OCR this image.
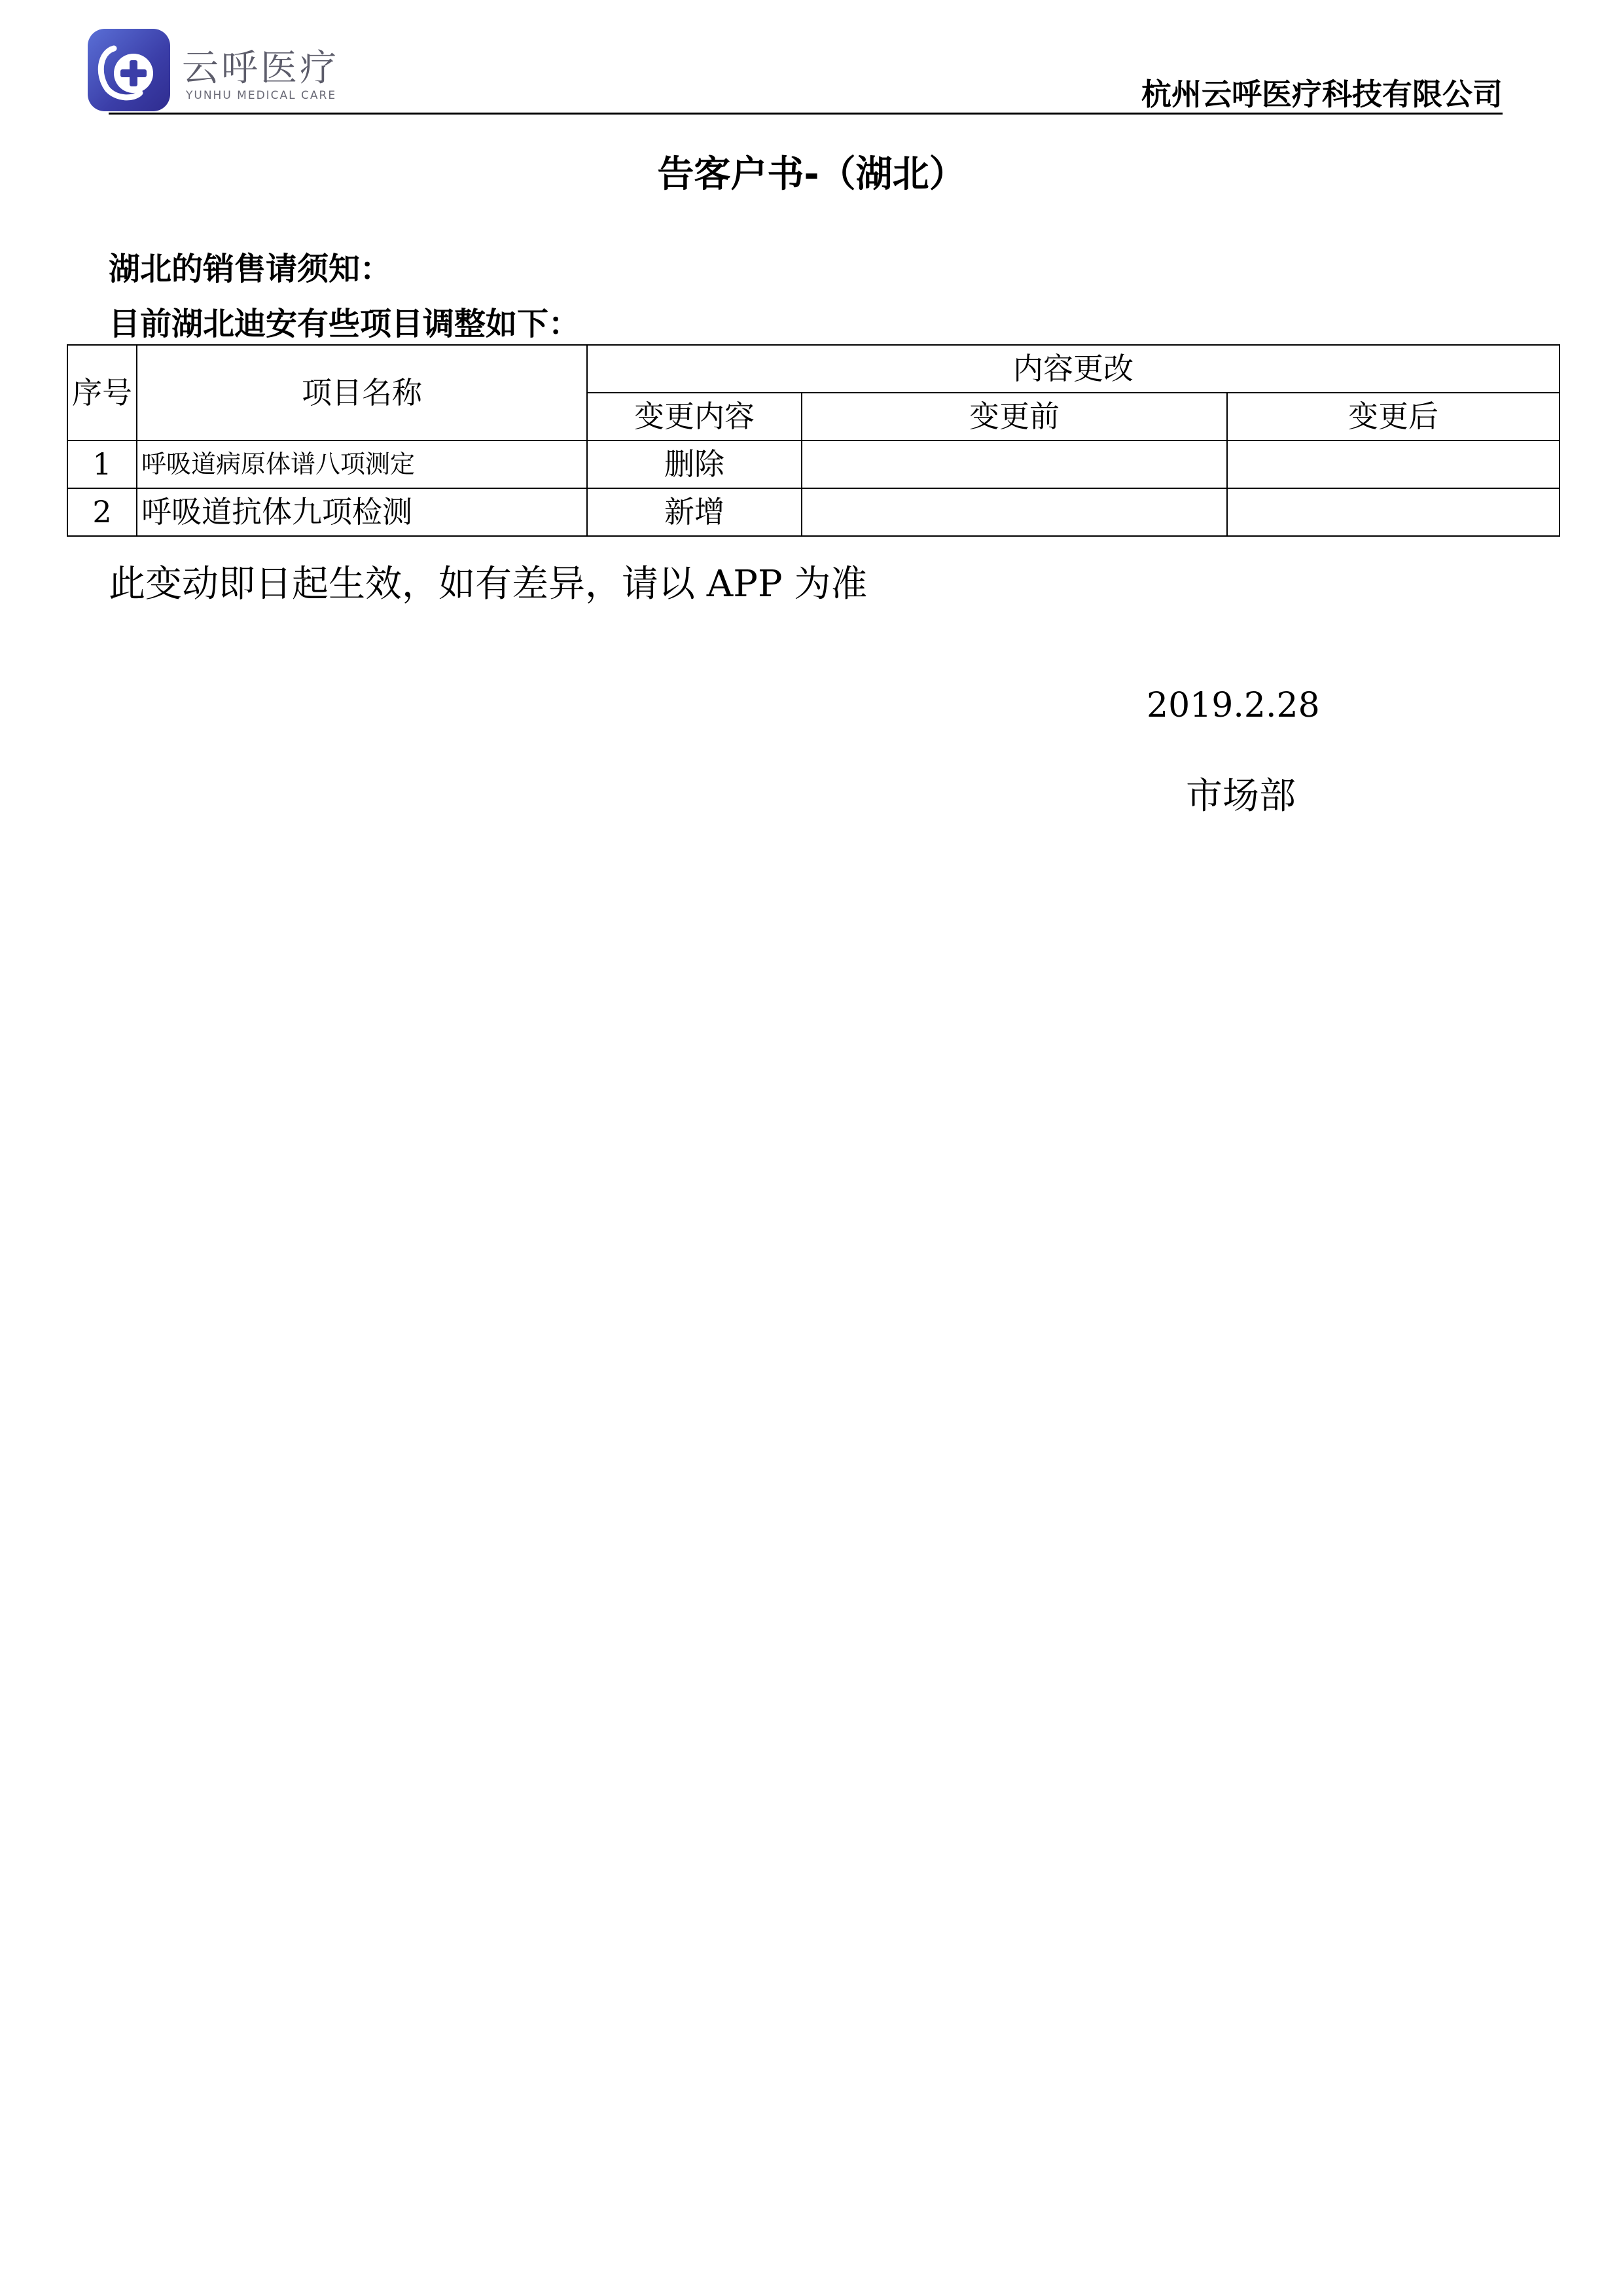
云呼医疗
YUNHU MEDICAL CARE	杭州云呼医疗科技有限公司
告客户书-（湖北）
湖北的销售请须知：
目前湖北迪安有些项目调整如下：
序号	项目名称	内容更改		
		变更内容	变更前	变更后
1	呼吸道病原体谱八项测定	删除		
2	呼吸道抗体九项检测	新增		
此变动即日起生效，如有差异，请以 APP 为准
2019.2.28
市场部
